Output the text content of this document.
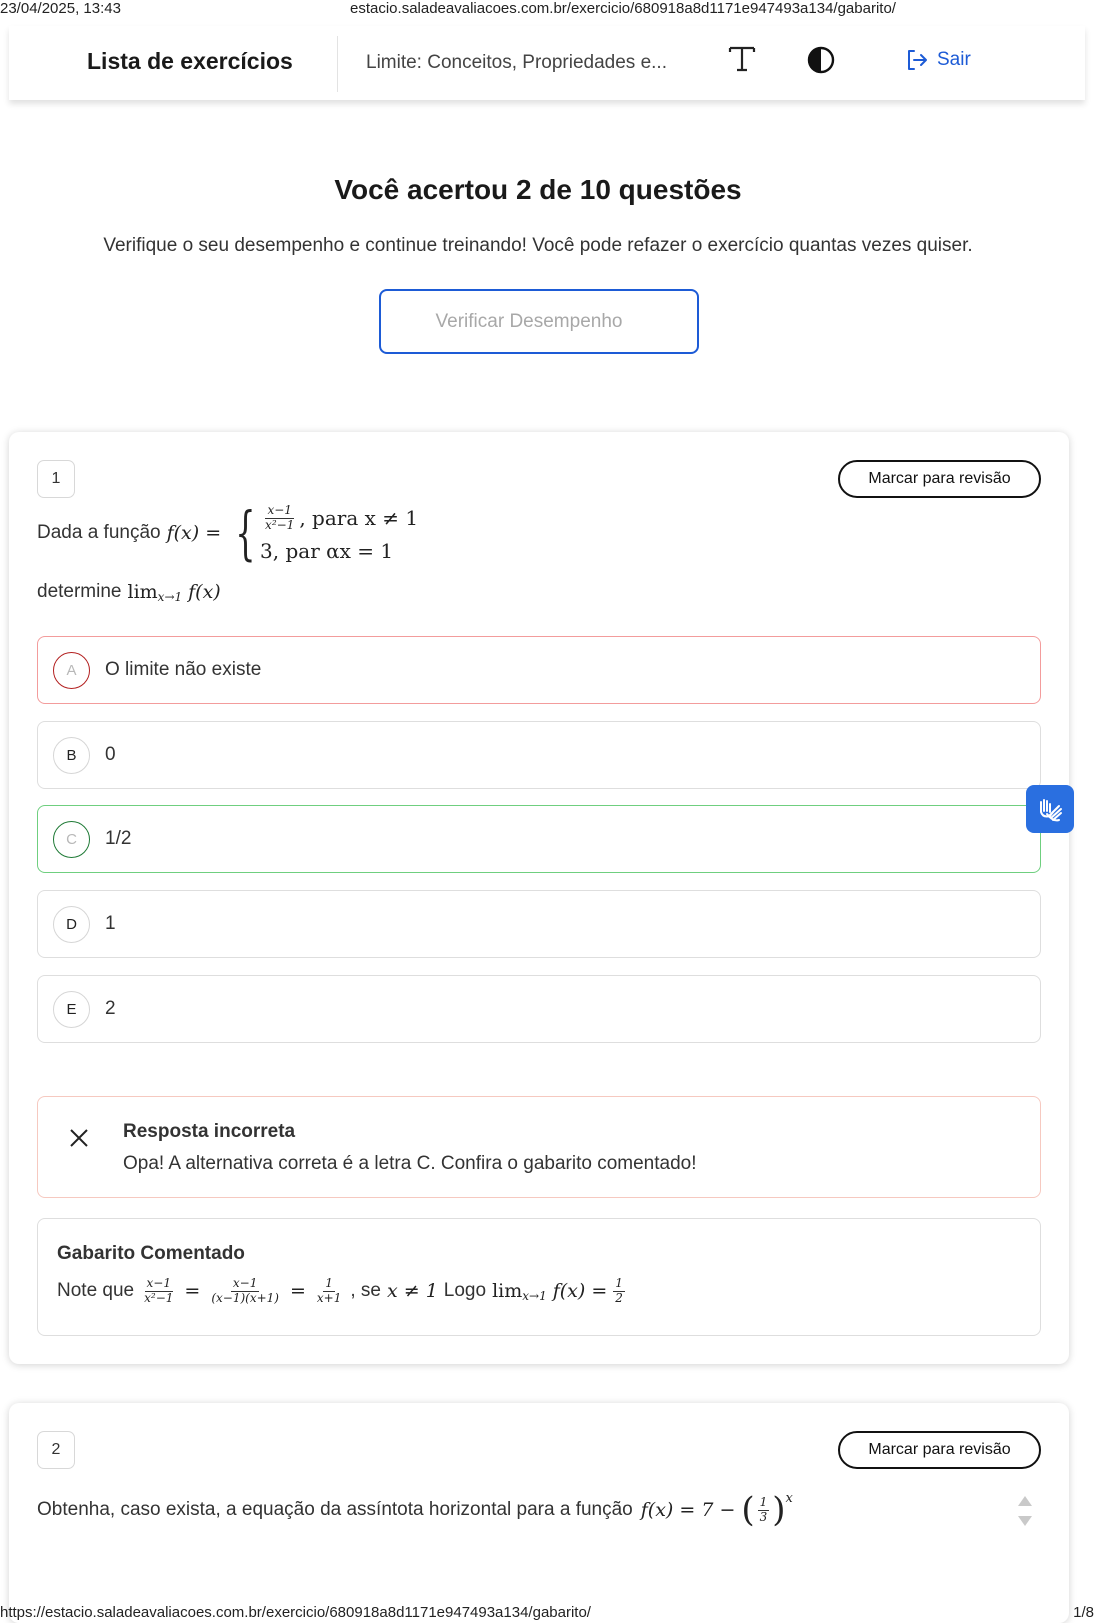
23/04/2025, 13:43	estacio.saladeavaliacoes.com.br/exercicio/680918a8d1171e947493a134/gabarito/
Lista de exercícios	Limite: Conceitos, Propriedades e...	Sair
Você acertou 2 de 10 questões
Verifique o seu desempenho e continue treinando! Você pode refazer o exercício quantas vezes quiser.
Verificar Desempenho
1	Marcar para revisão
Dada a função f(x) = { $\frac{x-1}{\text{x²−1}}$ , para x ≠ 1
3, par αx = 1
determine lim x→1 f(x)
A	O limite não existe
B	0
C	1/2
D	1
E	2
Resposta incorreta
Opa! A alternativa correta é a letra C. Confira o gabarito comentado!
Gabarito Comentado
Note que $\frac{x-1}{\text{x²−1}} = \frac{x-1}{(x-1)(x+1)} = \frac{1}{x+1}$ , se x ≠ 1 Logo lim x→1 $f(x) = \frac{1}{2}$
2	Marcar para revisão
Obtenha, caso exista, a equação da assíntota horizontal para a função f(x) = 7 − ( $\frac{1}{3}$ ) x
https://estacio.saladeavaliacoes.com.br/exercicio/680918a8d1171e947493a134/gabarito/	1/8
